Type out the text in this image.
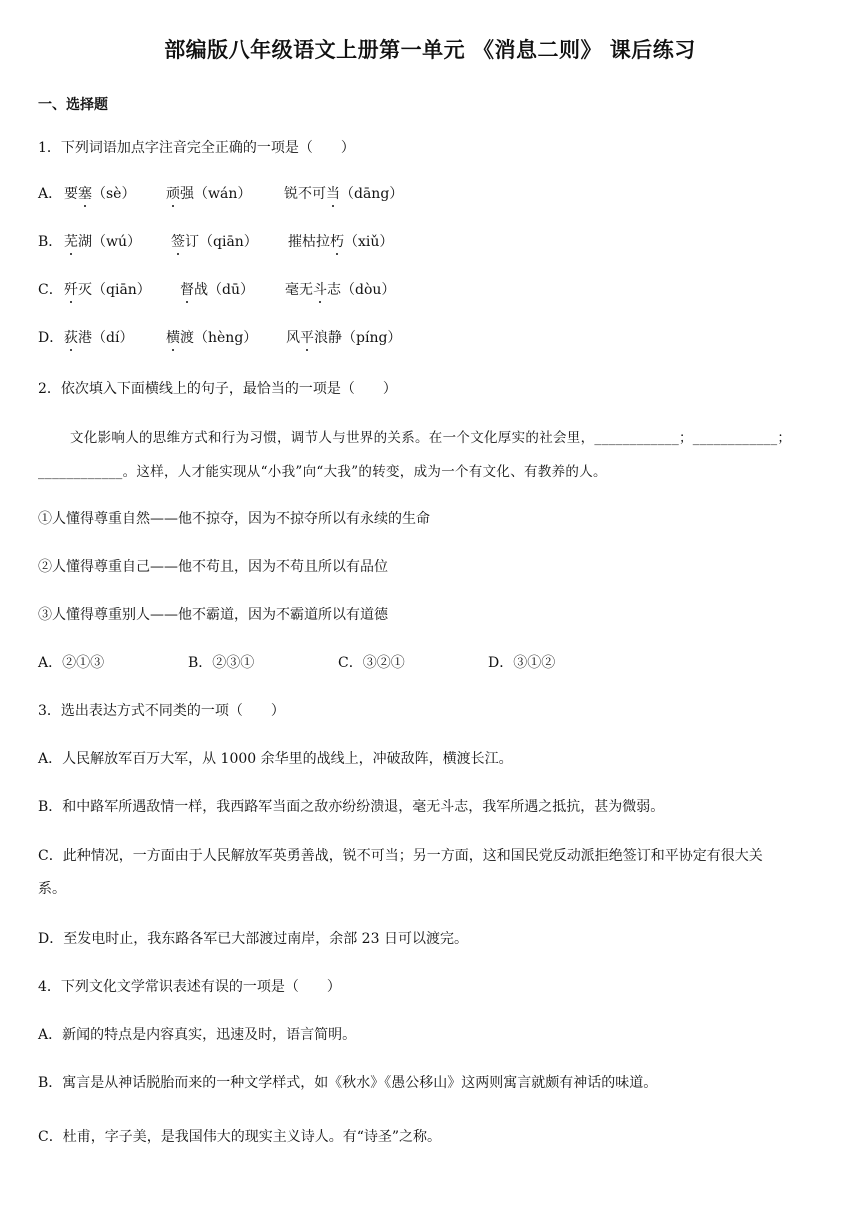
部编版八年级语文上册第一单元 《消息二则》 课后练习
一、选择题
1．下列词语加点字注音完全正确的一项是（　　）
A． 要塞（sè） 顽强（wán） 锐不可当（dāng）
B． 芜湖（wú） 签订（qiān） 摧枯拉朽（xiǔ）
C． 歼灭（qiān） 督战（dū） 毫无斗志（dòu）
D． 荻港（dí） 横渡（hèng） 风平浪静（píng）
2．依次填入下面横线上的句子，最恰当的一项是（　　）
文化影响人的思维方式和行为习惯，调节人与世界的关系。在一个文化厚实的社会里，____________；____________；
____________。这样，人才能实现从“小我”向“大我”的转变，成为一个有文化、有教养的人。
①人懂得尊重自然——他不掠夺，因为不掠夺所以有永续的生命
②人懂得尊重自己——他不苟且，因为不苟且所以有品位
③人懂得尊重别人——他不霸道，因为不霸道所以有道德
A．②①③	B．②③①	C．③②①	D．③①②
3．选出表达方式不同类的一项（　　）
A．人民解放军百万大军，从 1000 余华里的战线上，冲破敌阵，横渡长江。
B．和中路军所遇敌情一样，我西路军当面之敌亦纷纷溃退，毫无斗志，我军所遇之抵抗，甚为微弱。
C．此种情况，一方面由于人民解放军英勇善战，锐不可当；另一方面，这和国民党反动派拒绝签订和平协定有很大关
系。
D．至发电时止，我东路各军已大部渡过南岸，余部 23 日可以渡完。
4．下列文化文学常识表述有误的一项是（　　）
A．新闻的特点是内容真实，迅速及时，语言简明。
B．寓言是从神话脱胎而来的一种文学样式，如《秋水》《愚公移山》这两则寓言就颇有神话的味道。
C．杜甫，字子美，是我国伟大的现实主义诗人。有“诗圣”之称。
